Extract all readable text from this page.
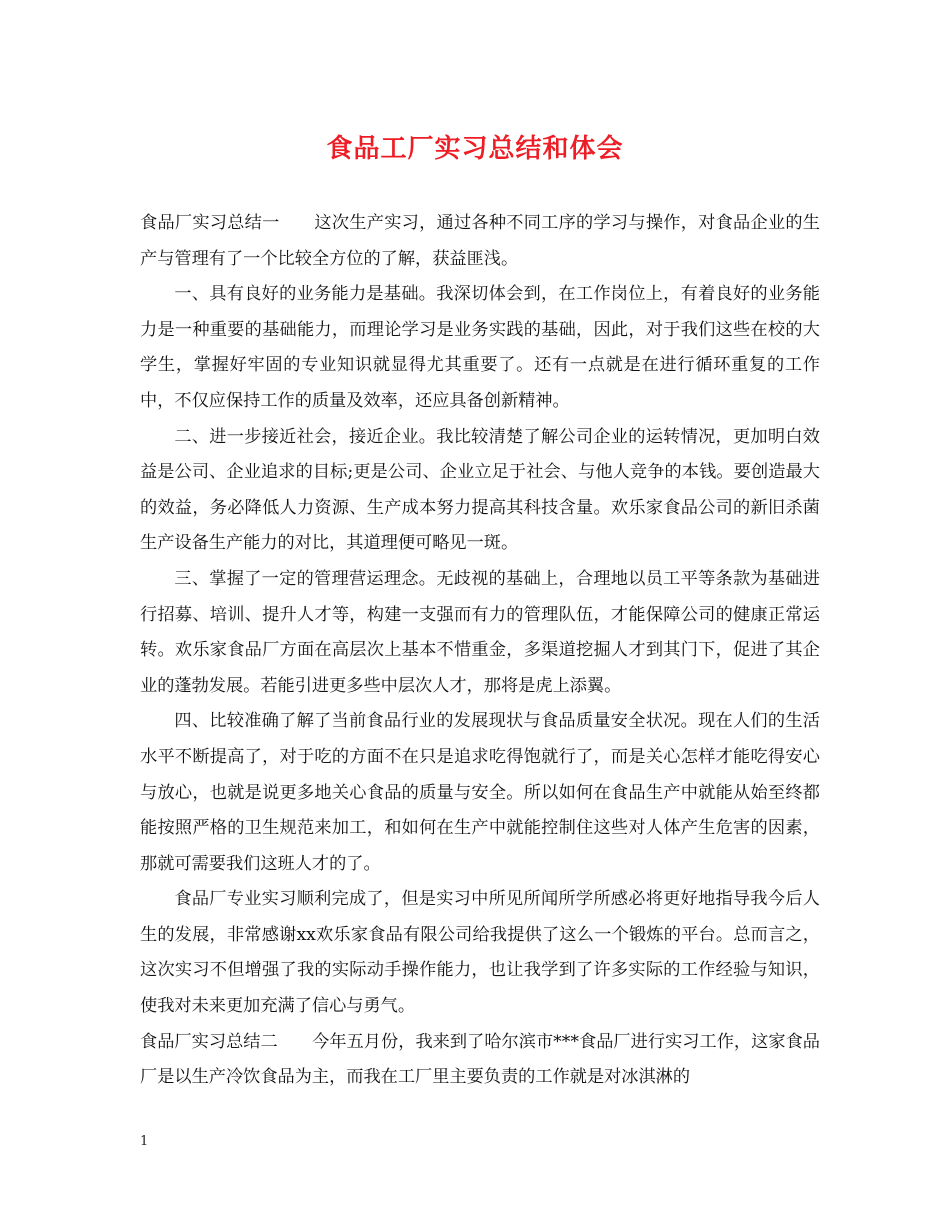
食品工厂实习总结和体会

食品厂实习总结一　　这次生产实习，通过各种不同工序的学习与操作，对食品企业的生产与管理有了一个比较全方位的了解，获益匪浅。

一、具有良好的业务能力是基础。我深切体会到，在工作岗位上，有着良好的业务能力是一种重要的基础能力，而理论学习是业务实践的基础，因此，对于我们这些在校的大学生，掌握好牢固的专业知识就显得尤其重要了。还有一点就是在进行循环重复的工作中，不仅应保持工作的质量及效率，还应具备创新精神。

二、进一步接近社会，接近企业。我比较清楚了解公司企业的运转情况，更加明白效益是公司、企业追求的目标;更是公司、企业立足于社会、与他人竞争的本钱。要创造最大的效益，务必降低人力资源、生产成本努力提高其科技含量。欢乐家食品公司的新旧杀菌生产设备生产能力的对比，其道理便可略见一斑。

三、掌握了一定的管理营运理念。无歧视的基础上，合理地以员工平等条款为基础进行招募、培训、提升人才等，构建一支强而有力的管理队伍，才能保障公司的健康正常运转。欢乐家食品厂方面在高层次上基本不惜重金，多渠道挖掘人才到其门下，促进了其企业的蓬勃发展。若能引进更多些中层次人才，那将是虎上添翼。

四、比较准确了解了当前食品行业的发展现状与食品质量安全状况。现在人们的生活水平不断提高了，对于吃的方面不在只是追求吃得饱就行了，而是关心怎样才能吃得安心与放心，也就是说更多地关心食品的质量与安全。所以如何在食品生产中就能从始至终都能按照严格的卫生规范来加工，和如何在生产中就能控制住这些对人体产生危害的因素，那就可需要我们这班人才的了。

食品厂专业实习顺利完成了，但是实习中所见所闻所学所感必将更好地指导我今后人生的发展，非常感谢xx欢乐家食品有限公司给我提供了这么一个锻炼的平台。总而言之，这次实习不但增强了我的实际动手操作能力，也让我学到了许多实际的工作经验与知识，使我对未来更加充满了信心与勇气。

食品厂实习总结二　　今年五月份，我来到了哈尔滨市***食品厂进行实习工作，这家食品厂是以生产冷饮食品为主，而我在工厂里主要负责的工作就是对冰淇淋的

1
